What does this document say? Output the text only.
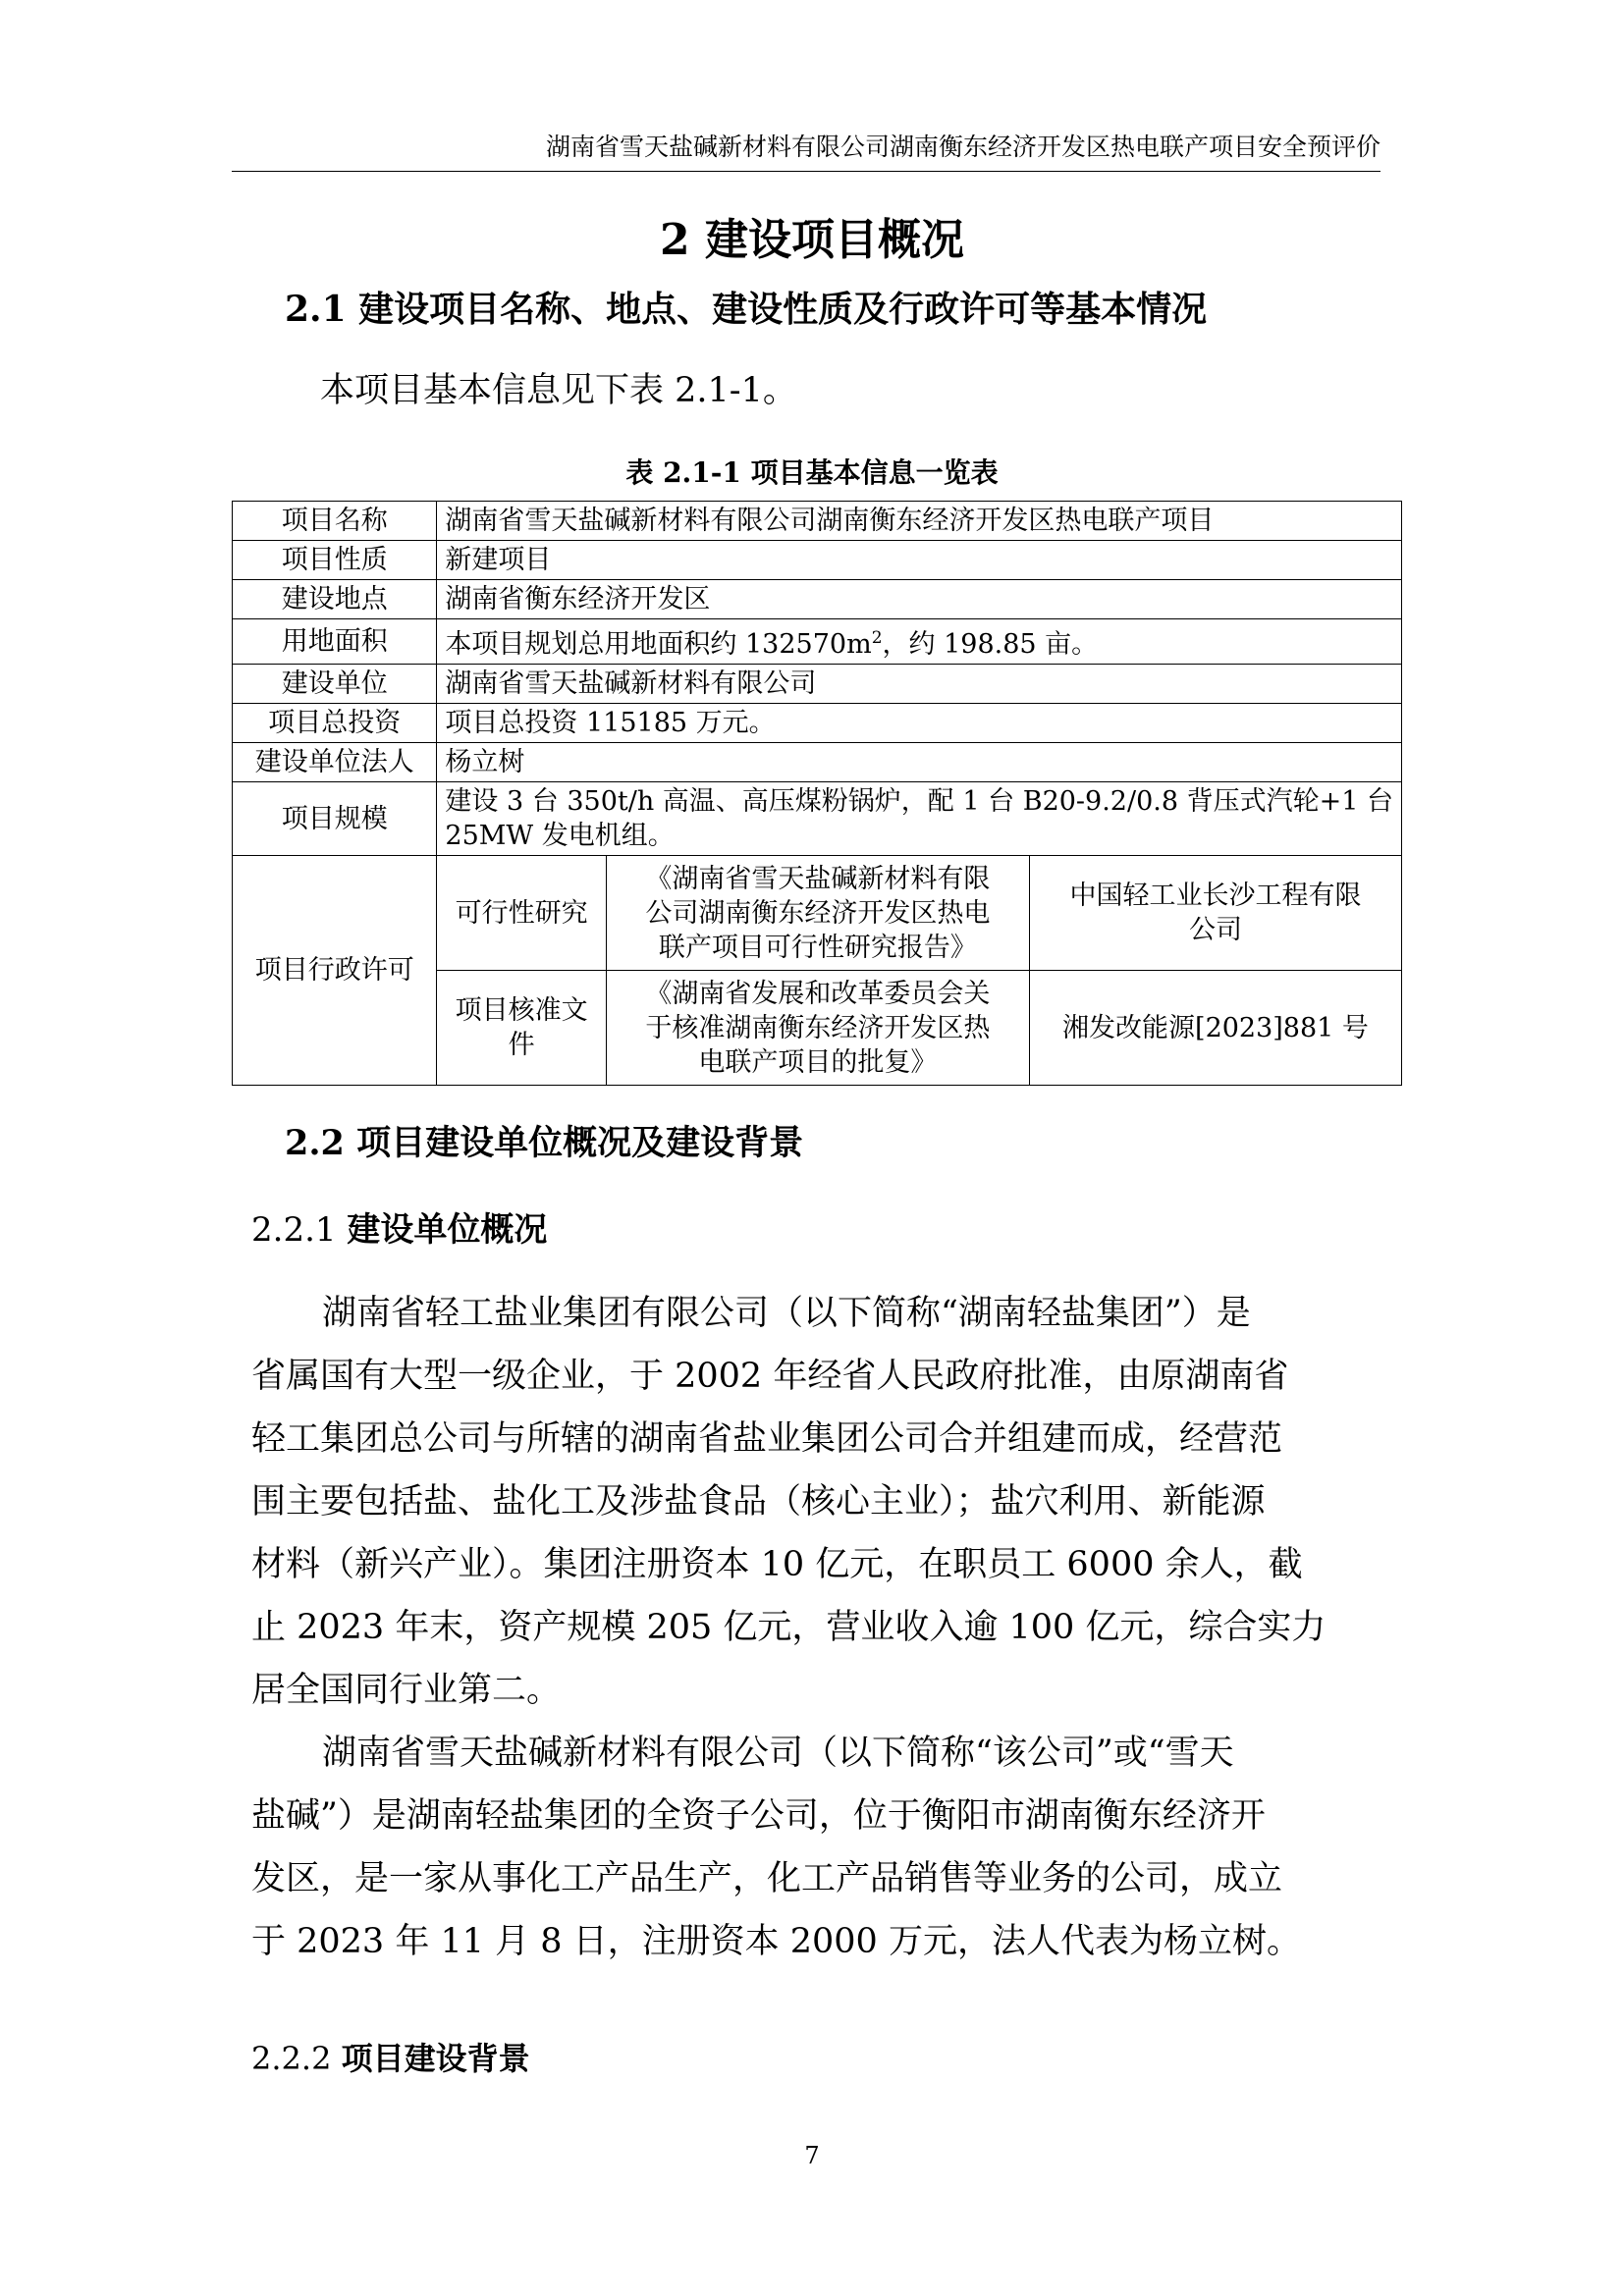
湖南省雪天盐碱新材料有限公司湖南衡东经济开发区热电联产项目安全预评价
2 建设项目概况
2.1 建设项目名称、地点、建设性质及行政许可等基本情况
本项目基本信息见下表 2.1-1。
表 2.1-1 项目基本信息一览表
项目名称	湖南省雪天盐碱新材料有限公司湖南衡东经济开发区热电联产项目		
项目性质	新建项目		
建设地点	湖南省衡东经济开发区		
用地面积	本项目规划总用地面积约 $132570m^2$，约 198.85 亩。		
建设单位	湖南省雪天盐碱新材料有限公司		
项目总投资	项目总投资 115185 万元。		
建设单位法人	杨立树		
项目规模	建设 3 台 350t/h 高温、高压煤粉锅炉，配 1 台 B20-9.2/0.8 背压式汽轮+1 台
25MW 发电机组。		

项目行政许可	可行性研究	《湖南省雪天盐碱新材料有限
公司湖南衡东经济开发区热电
联产项目可行性研究报告》	中国轻工业长沙工程有限
公司

	项目核准文
件	《湖南省发展和改革委员会关
于核准湖南衡东经济开发区热
电联产项目的批复》	湘发改能源[2023]881 号
2.2 项目建设单位概况及建设背景
2.2.1 建设单位概况
湖南省轻工盐业集团有限公司（以下简称“湖南轻盐集团”）是
省属国有大型一级企业，于 2002 年经省人民政府批准，由原湖南省
轻工集团总公司与所辖的湖南省盐业集团公司合并组建而成，经营范
围主要包括盐、盐化工及涉盐食品（核心主业）；盐穴利用、新能源
材料（新兴产业）。集团注册资本 10 亿元，在职员工 6000 余人，截
止 2023 年末，资产规模 205 亿元，营业收入逾 100 亿元，综合实力
居全国同行业第二。
湖南省雪天盐碱新材料有限公司（以下简称“该公司”或“雪天
盐碱”）是湖南轻盐集团的全资子公司，位于衡阳市湖南衡东经济开
发区，是一家从事化工产品生产，化工产品销售等业务的公司，成立
于 2023 年 11 月 8 日，注册资本 2000 万元，法人代表为杨立树。
2.2.2 项目建设背景
7
